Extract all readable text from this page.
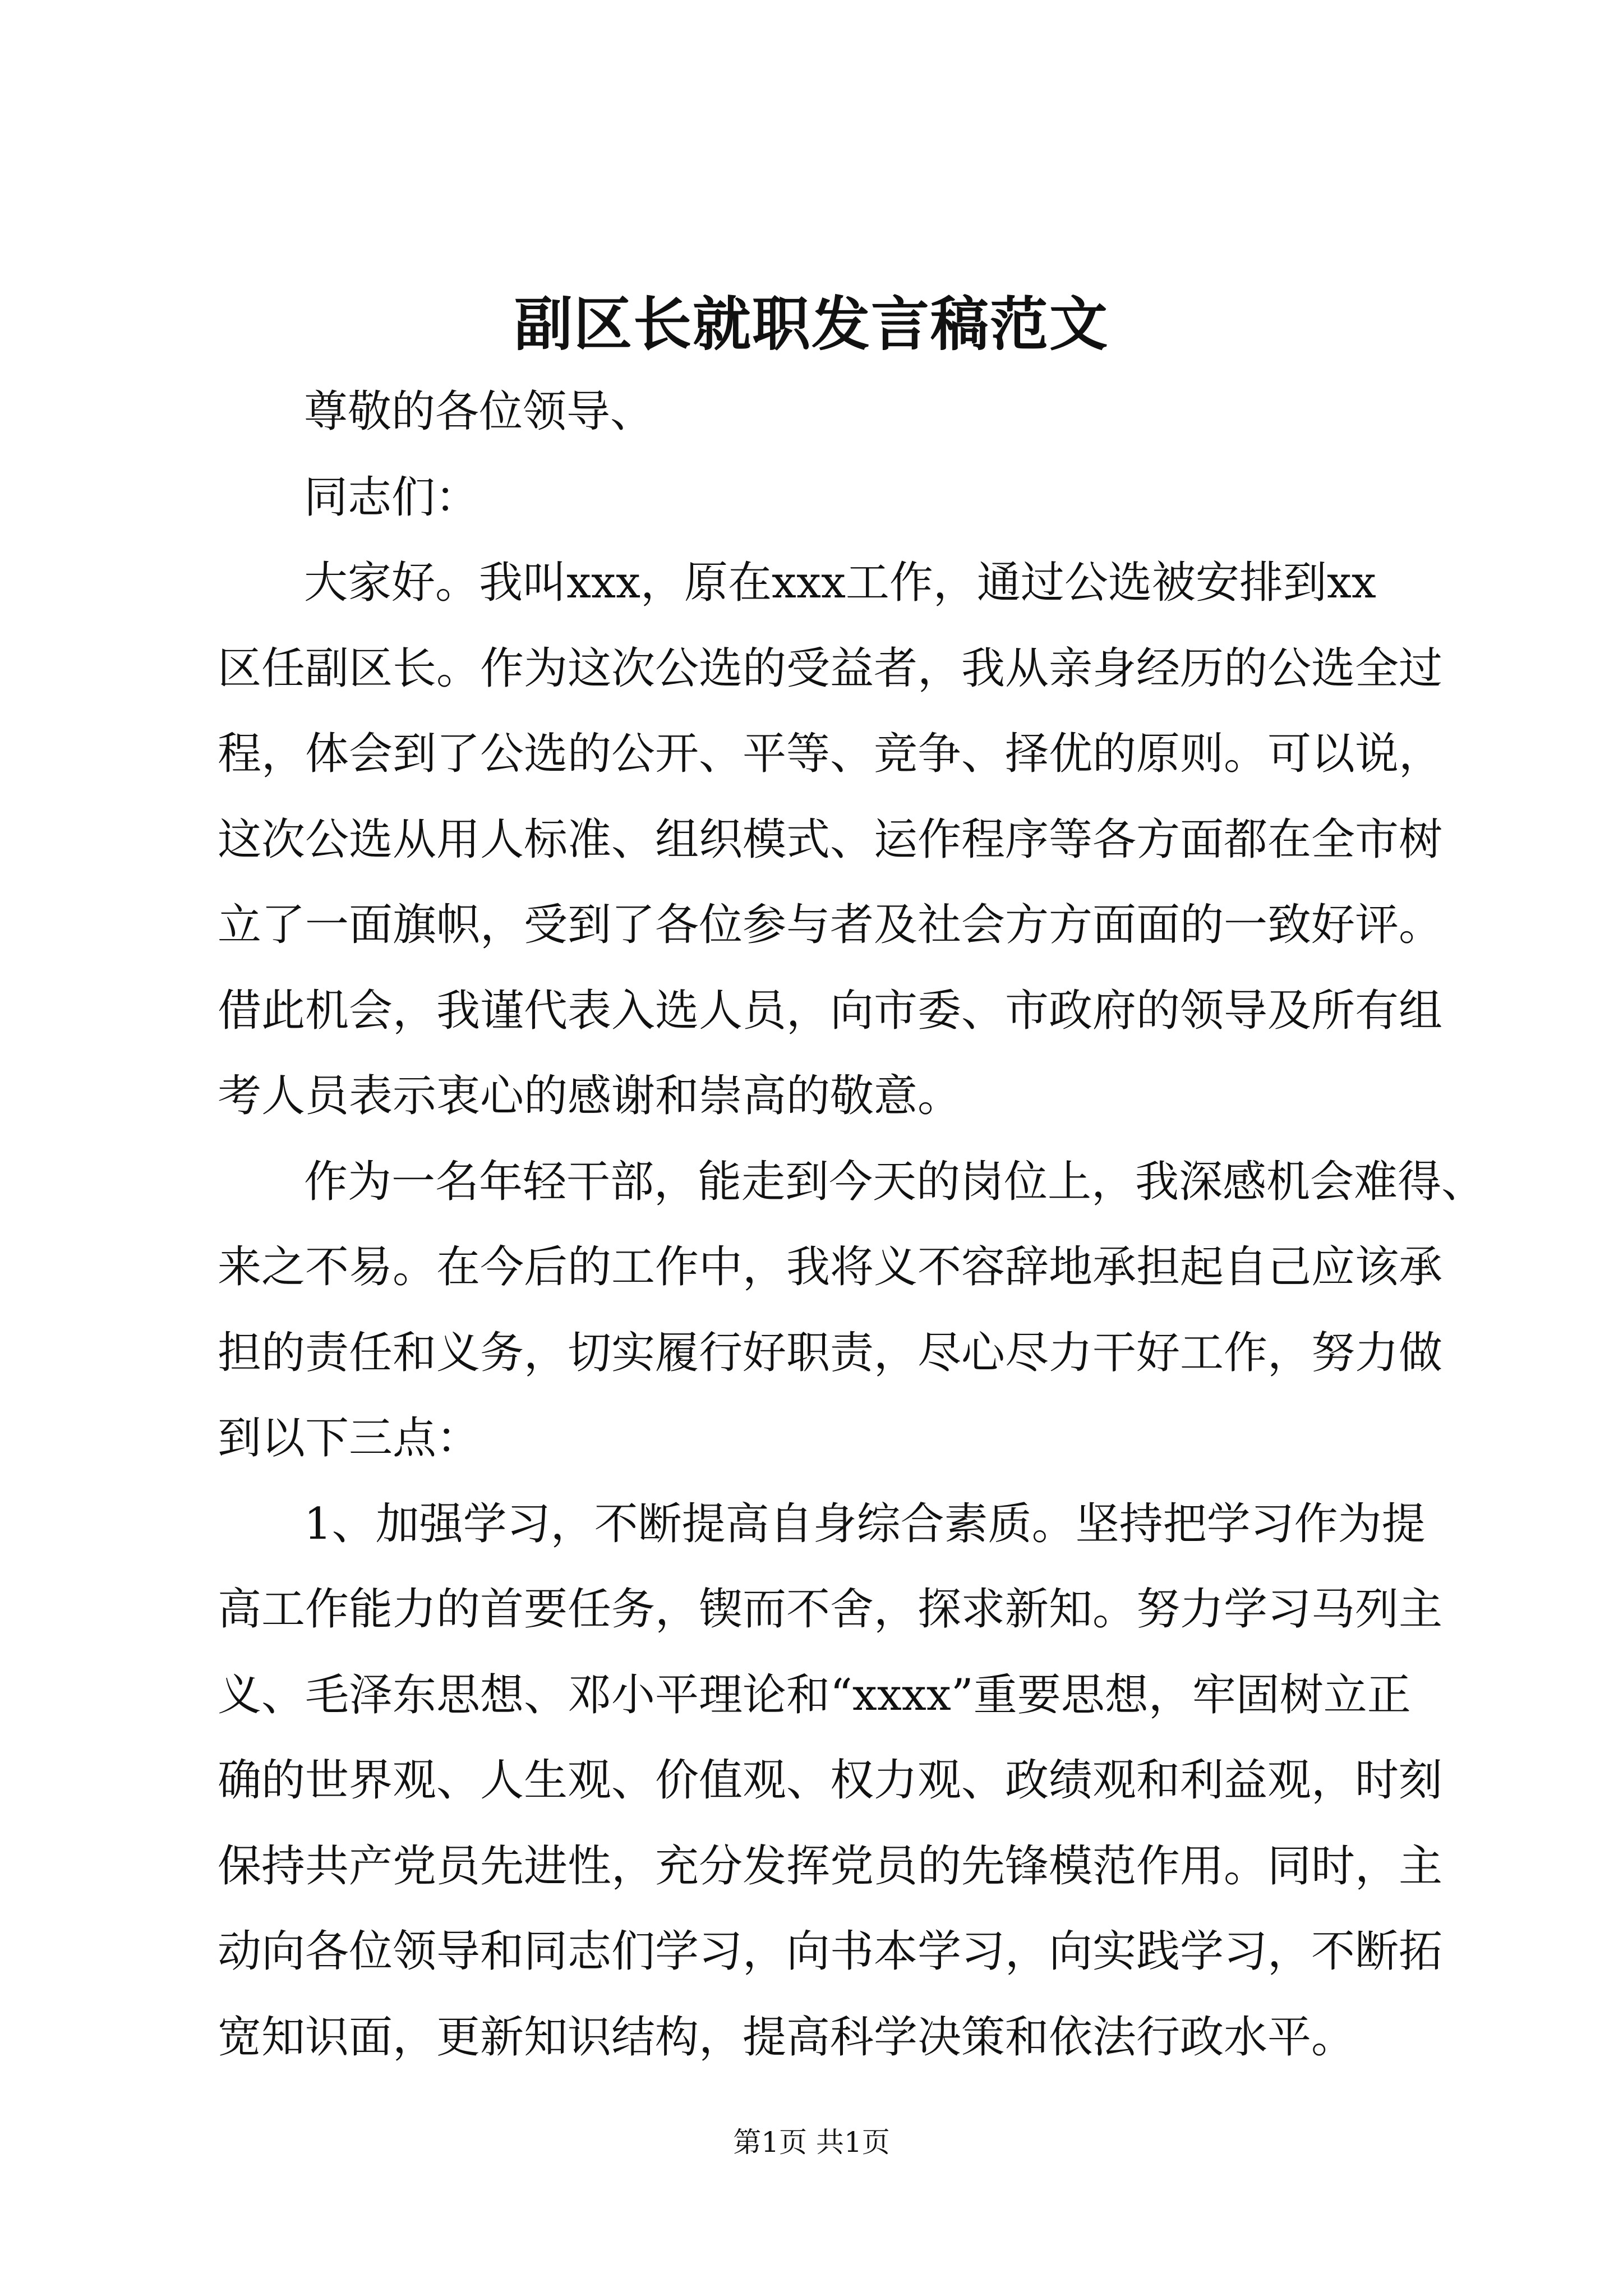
副区长就职发言稿范文
尊敬的各位领导、
同志们：
大家好。我叫xxx，原在xxx工作，通过公选被安排到xx
区任副区长。作为这次公选的受益者，我从亲身经历的公选全过
程，体会到了公选的公开、平等、竞争、择优的原则。可以说，
这次公选从用人标准、组织模式、运作程序等各方面都在全市树
立了一面旗帜，受到了各位参与者及社会方方面面的一致好评。
借此机会，我谨代表入选人员，向市委、市政府的领导及所有组
考人员表示衷心的感谢和崇高的敬意。
作为一名年轻干部，能走到今天的岗位上，我深感机会难得、
来之不易。在今后的工作中，我将义不容辞地承担起自己应该承
担的责任和义务，切实履行好职责，尽心尽力干好工作，努力做
到以下三点：
1、加强学习，不断提高自身综合素质。坚持把学习作为提
高工作能力的首要任务，锲而不舍，探求新知。努力学习马列主
义、毛泽东思想、邓小平理论和“xxxx”重要思想，牢固树立正
确的世界观、人生观、价值观、权力观、政绩观和利益观，时刻
保持共产党员先进性，充分发挥党员的先锋模范作用。同时，主
动向各位领导和同志们学习，向书本学习，向实践学习，不断拓
宽知识面，更新知识结构，提高科学决策和依法行政水平。
第1页 共1页
